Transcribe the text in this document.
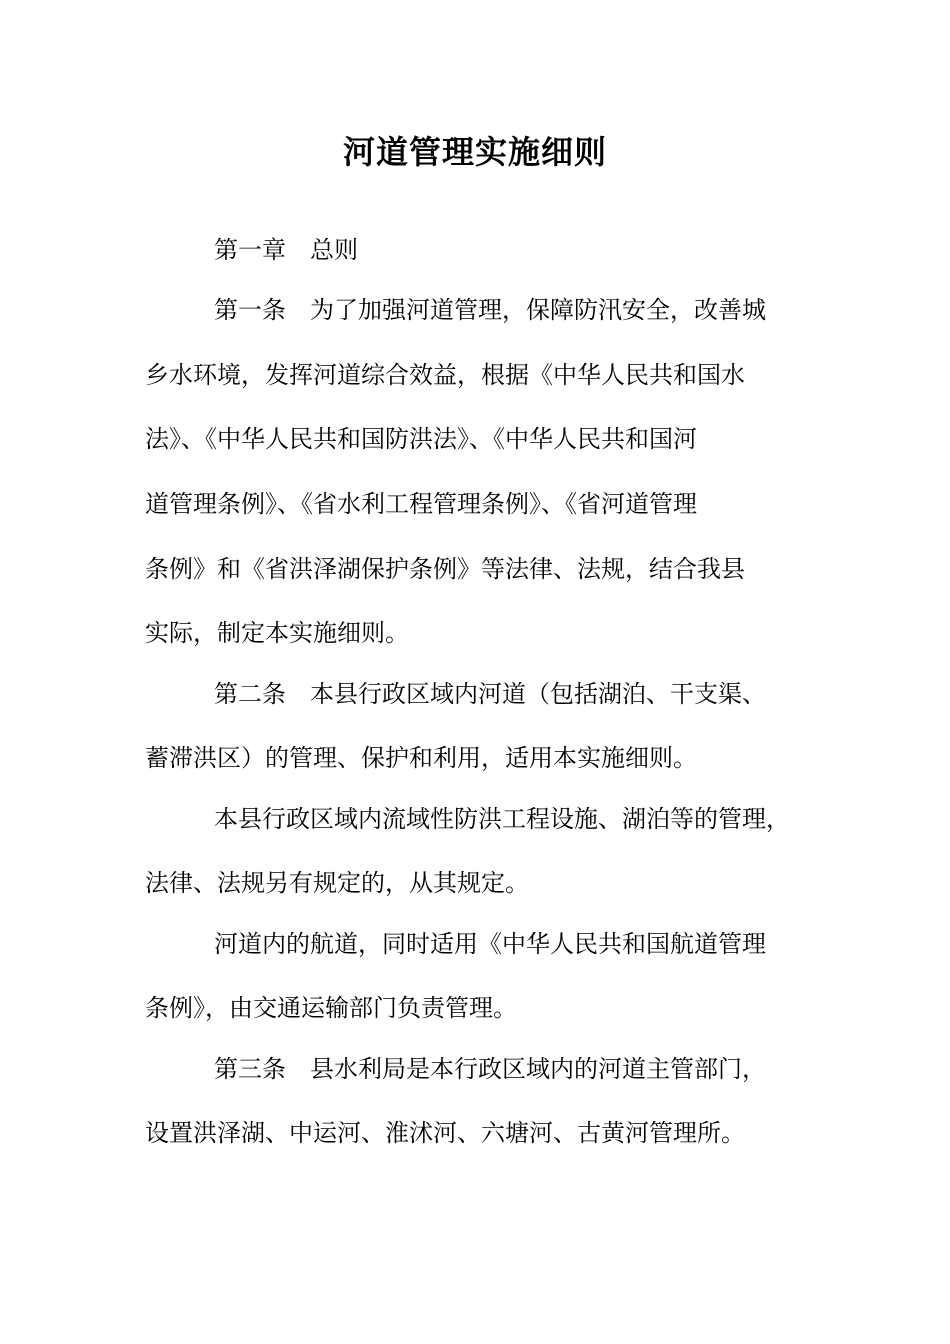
河道管理实施细则
第一章　总则
第一条　为了加强河道管理，保障防汛安全，改善城
乡水环境，发挥河道综合效益，根据《中华人民共和国水
法》、《中华人民共和国防洪法》、《中华人民共和国河
道管理条例》、《省水利工程管理条例》、《省河道管理
条例》和《省洪泽湖保护条例》等法律、法规，结合我县
实际，制定本实施细则。
第二条　本县行政区域内河道（包括湖泊、干支渠、
蓄滞洪区）的管理、保护和利用，适用本实施细则。
本县行政区域内流域性防洪工程设施、湖泊等的管理，
法律、法规另有规定的，从其规定。
河道内的航道，同时适用《中华人民共和国航道管理
条例》，由交通运输部门负责管理。
第三条　县水利局是本行政区域内的河道主管部门，
设置洪泽湖、中运河、淮沭河、六塘河、古黄河管理所。
